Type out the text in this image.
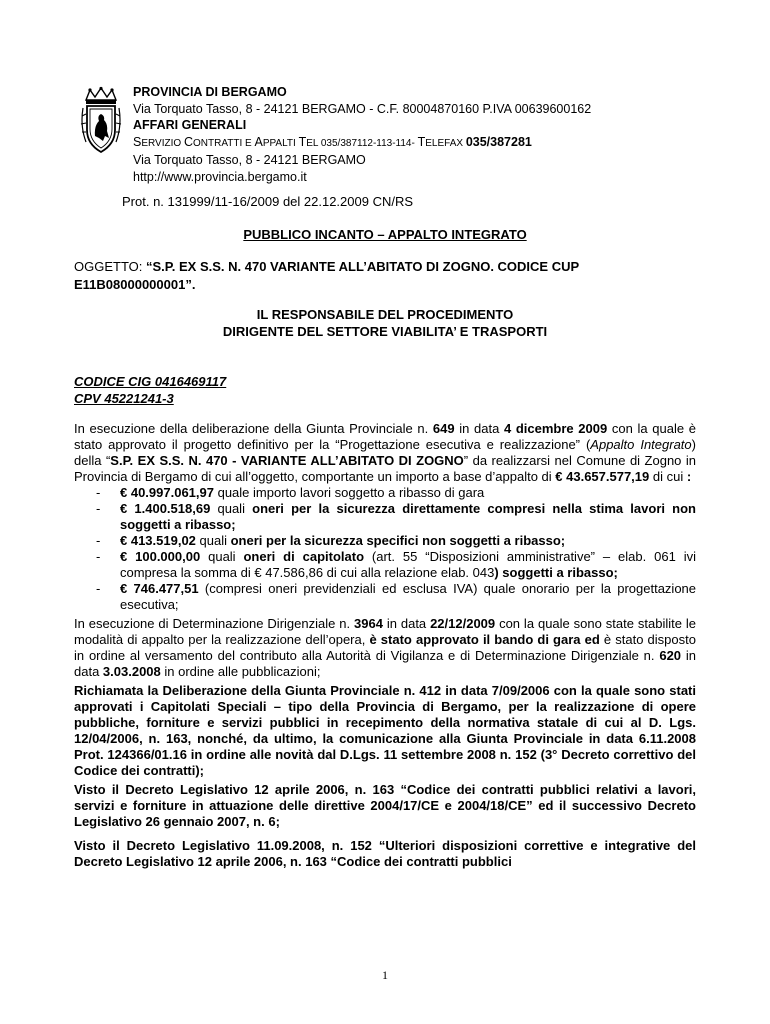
PROVINCIA DI BERGAMO
Via Torquato Tasso, 8 - 24121 BERGAMO - C.F. 80004870160 P.IVA 00639600162
AFFARI GENERALI
SERVIZIO CONTRATTI E APPALTI TEL 035/387112-113-114- TELEFAX 035/387281
Via Torquato Tasso, 8 - 24121 BERGAMO
http://www.provincia.bergamo.it
Prot. n. 131999/11-16/2009 del 22.12.2009 CN/RS
PUBBLICO INCANTO – APPALTO INTEGRATO
OGGETTO: “S.P. EX S.S. N. 470 VARIANTE ALL’ABITATO DI ZOGNO. CODICE CUP E11B08000000001”.
IL RESPONSABILE DEL PROCEDIMENTO
DIRIGENTE DEL SETTORE VIABILITA’ E TRASPORTI
CODICE CIG 0416469117
CPV 45221241-3

In esecuzione della deliberazione della Giunta Provinciale n. 649 in data 4 dicembre 2009 con la quale è stato approvato il progetto definitivo per la “Progettazione esecutiva e realizzazione” (Appalto Integrato) della “S.P. EX S.S. N. 470 - VARIANTE ALL’ABITATO DI ZOGNO” da realizzarsi nel Comune di Zogno in Provincia di Bergamo di cui all’oggetto, comportante un importo a base d’appalto di € 43.657.577,19 di cui :

- € 40.997.061,97 quale importo lavori soggetto a ribasso di gara
- € 1.400.518,69 quali oneri per la sicurezza direttamente compresi nella stima lavori non soggetti a ribasso;
- € 413.519,02 quali oneri per la sicurezza specifici non soggetti a ribasso;
- € 100.000,00 quali oneri di capitolato (art. 55 “Disposizioni amministrative” – elab. 061 ivi compresa la somma di € 47.586,86 di cui alla relazione elab. 043) soggetti a ribasso;
- € 746.477,51 (compresi oneri previdenziali ed esclusa IVA) quale onorario per la progettazione esecutiva;

In esecuzione di Determinazione Dirigenziale n. 3964 in data 22/12/2009 con la quale sono state stabilite le modalità di appalto per la realizzazione dell’opera, è stato approvato il bando di gara ed è stato disposto in ordine al versamento del contributo alla Autorità di Vigilanza e di Determinazione Dirigenziale n. 620 in data 3.03.2008 in ordine alle pubblicazioni;

Richiamata la Deliberazione della Giunta Provinciale n. 412 in data 7/09/2006 con la quale sono stati approvati i Capitolati Speciali – tipo della Provincia di Bergamo, per la realizzazione di opere pubbliche, forniture e servizi pubblici in recepimento della normativa statale di cui al D. Lgs. 12/04/2006, n. 163, nonché, da ultimo, la comunicazione alla Giunta Provinciale in data 6.11.2008 Prot. 124366/01.16 in ordine alle novità dal D.Lgs. 11 settembre 2008 n. 152 (3° Decreto correttivo del Codice dei contratti);

Visto il Decreto Legislativo 12 aprile 2006, n. 163 “Codice dei contratti pubblici relativi a lavori, servizi e forniture in attuazione delle direttive 2004/17/CE e 2004/18/CE” ed il successivo Decreto Legislativo 26 gennaio 2007, n. 6;

Visto il Decreto Legislativo 11.09.2008, n. 152 “Ulteriori disposizioni correttive e integrative del Decreto Legislativo 12 aprile 2006, n. 163 “Codice dei contratti pubblici

1
